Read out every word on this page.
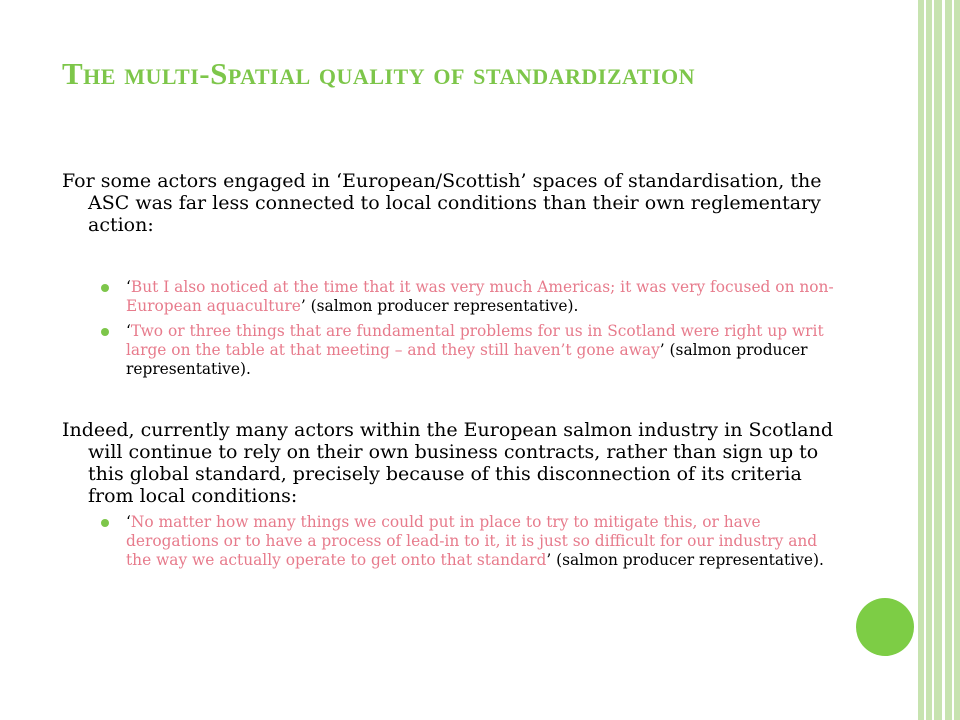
The multi-Spatial quality of standardization

For some actors engaged in ‘European/Scottish’ spaces of standardisation, the ASC was far less connected to local conditions than their own reglementary action:

‘But I also noticed at the time that it was very much Americas; it was very focused on non-European aquaculture’ (salmon producer representative).
‘Two or three things that are fundamental problems for us in Scotland were right up writ large on the table at that meeting – and they still haven’t gone away’ (salmon producer representative).

Indeed, currently many actors within the European salmon industry in Scotland will continue to rely on their own business contracts, rather than sign up to this global standard, precisely because of this disconnection of its criteria from local conditions:

‘No matter how many things we could put in place to try to mitigate this, or have derogations or to have a process of lead-in to it, it is just so difficult for our industry and the way we actually operate to get onto that standard’ (salmon producer representative).
